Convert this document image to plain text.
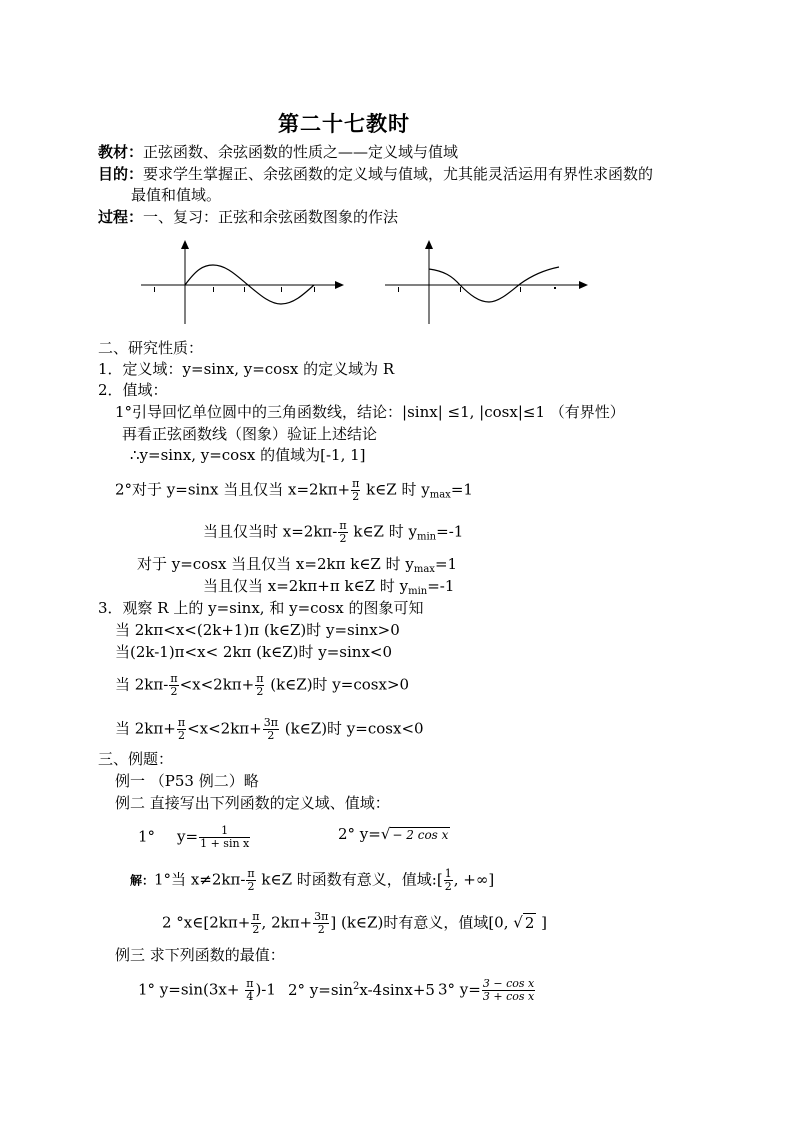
第二十七教时
教材：正弦函数、余弦函数的性质之——定义域与值域
目的：要求学生掌握正、余弦函数的定义域与值域，尤其能灵活运用有界性求函数的
最值和值域。
过程：一、复习：正弦和余弦函数图象的作法
二、研究性质：
1．定义域：y=sinx, y=cosx 的定义域为 R
2．值域：
1°引导回忆单位圆中的三角函数线，结论：|sinx| ≤1, |cosx|≤1 （有界性）
再看正弦函数线（图象）验证上述结论
∴y=sinx, y=cosx 的值域为[-1, 1]
2°对于 y=sinx 当且仅当 $x=2k\pi+ \frac{\pi}{2}$ k∈Z 时 $y_{max}=1$
当且仅当时 $x=2k\pi- \frac{\pi}{2}$ k∈Z 时 $y_{min}=-1$
对于 y=cosx 当且仅当 x=2kπ k∈Z 时 $y_{max}=1$
当且仅当 x=2kπ+π k∈Z 时 $y_{min}=-1$
3．观察 R 上的 y=sinx, 和 y=cosx 的图象可知
当 2kπ<x<(2k+1)π (k∈Z)时 y=sinx>0
当(2k-1)π<x< 2kπ (k∈Z)时 y=sinx<0
当 $2k\pi- \frac{\pi}{2} <x<2k\pi+ \frac{\pi}{2}$ (k∈Z)时 y=cosx>0
当 $2k\pi+ \frac{\pi}{2} <x<2k\pi+ \frac{3\pi}{2}$ (k∈Z)时 y=cosx<0
三、例题：
例一 （P53 例二）略
例二 直接写出下列函数的定义域、值域：
1° $y= \frac{1}{\text{1 + sin x}}$	2° y=√ − 2 cos x
解：1°当 $x\ne 2k\pi- \frac{\pi}{2}$ k∈Z 时函数有意义，值域:[ $\frac{1}{2}$ , +∞]
2 °x∈[2kπ+ $\frac{\pi}{2}$ , $2k\pi+ \frac{3\pi}{2}$ ] (k∈Z)时有意义，值域[0, √ 2 ]
例三 求下列函数的最值：
1° $y=\sin(3x+ \frac{\pi}{4} )-1$ 2° $y=\sin^2x-4\sin x+5$ 3° $y= \frac{\text{3 − cos x}}{\text{3 + cos x}}$
